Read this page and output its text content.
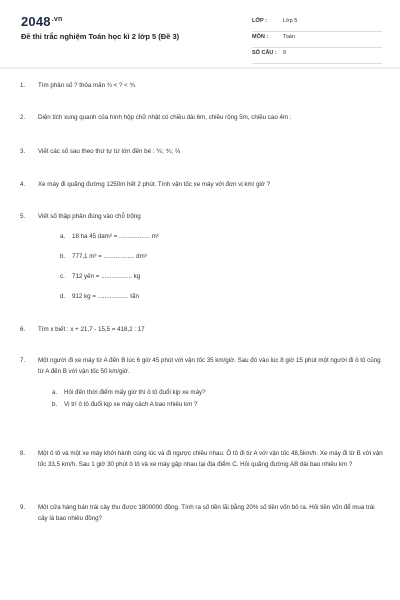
2048 .vn
Đề thi trắc nghiệm Toán học kì 2 lớp 5 (Đề 3)
LỚP :	Lớp 5
MÔN :	Toán
SỐ CÂU : 9
1.	Tìm phân số ? thỏa mãn ¾ < ? < ⅘
2.	Diện tích xung quanh của hình hộp chữ nhật có chiều dài 6m, chiều rộng 5m, chiều cao 4m :
3.	Viết các số sau theo thứ tự từ lớn đến bé : ⅗; ⅘; ⅔
4.	Xe máy đi quãng đường 1250m hết 2 phút. Tính vận tốc xe máy với đơn vị km/ giờ ?
5.	Viết số thập phân đúng vào chỗ trống
a. 18 ha 45 dam² = .................. m²
b. 777,1 m³ = .................. dm³
c. 712 yến = .................. kg
d. 912 kg = .................. tấn
6.	Tìm x biết : x + 21,7 - 15,5 = 418,2 : 17
7.	Một người đi xe máy từ A đến B lúc 6 giờ 45 phút với vận tốc 35 km/giờ. Sau đó vào lúc 8 giờ 15 phút một người đi ô tô cũng từ A đến B với vận tốc 50 km/giờ.
a. Hỏi đến thời điểm mấy giờ thì ô tô đuổi kịp xe máy?
b. Vị trí ô tô đuổi kịp xe máy cách A bao nhiêu km ?
8.	Một ô tô và một xe máy khởi hành cùng lúc và đi ngược chiều nhau. Ô tô đi từ A với vận tốc 48,5km/h. Xe máy đi từ B với vận tốc 33,5 km/h. Sau 1 giờ 30 phút ô tô và xe máy gặp nhau tại địa điểm C. Hỏi quãng đường AB dài bao nhiêu km ?
9.	Một cửa hàng bán trái cây thu được 1800000 đồng. Tính ra số tiền lãi bằng 20% số tiền vốn bỏ ra. Hỏi tiền vốn để mua trái cây là bao nhiêu đồng?
